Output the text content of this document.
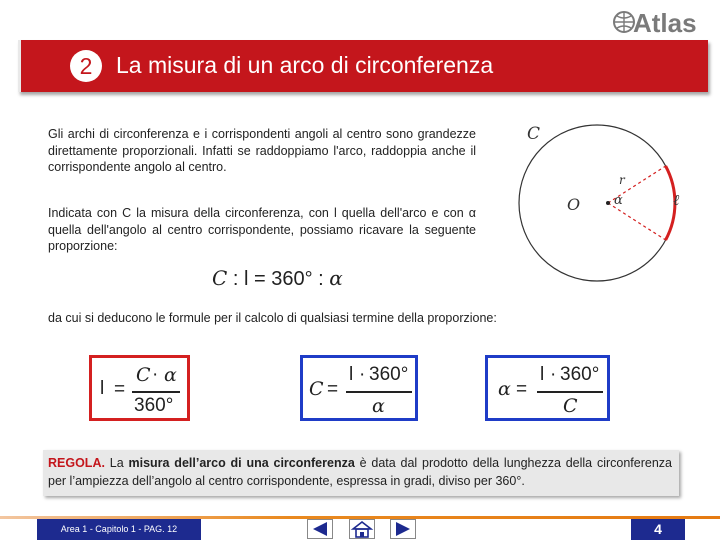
Atlas
2	La misura di un arco di circonferenza
Gli archi di circonferenza e i corrispondenti angoli al centro sono grandezze direttamente proporzionali. Infatti se raddoppiamo l'arco, raddoppia anche il corrispondente angolo al centro.
Indicata con C la misura della circonferenza, con l quella dell'arco e con α quella dell'angolo al centro corrispondente, possiamo ricavare la seguente proporzione:
C : l = 360° : α
da cui si deducono le formule per il calcolo di qualsiasi termine della proporzione:
C
O
r
α	ℓ
l =
C · α
360°
C =
l · 360°
α
α =
l · 360°
C
REGOLA. La misura dell’arco di una circonferenza è data dal prodotto della lunghezza della circonferenza per l’ampiezza dell’angolo al centro corrispondente, espressa in gradi, diviso per 360°.
Area 1 - Capitolo 1 - PAG. 12	4
